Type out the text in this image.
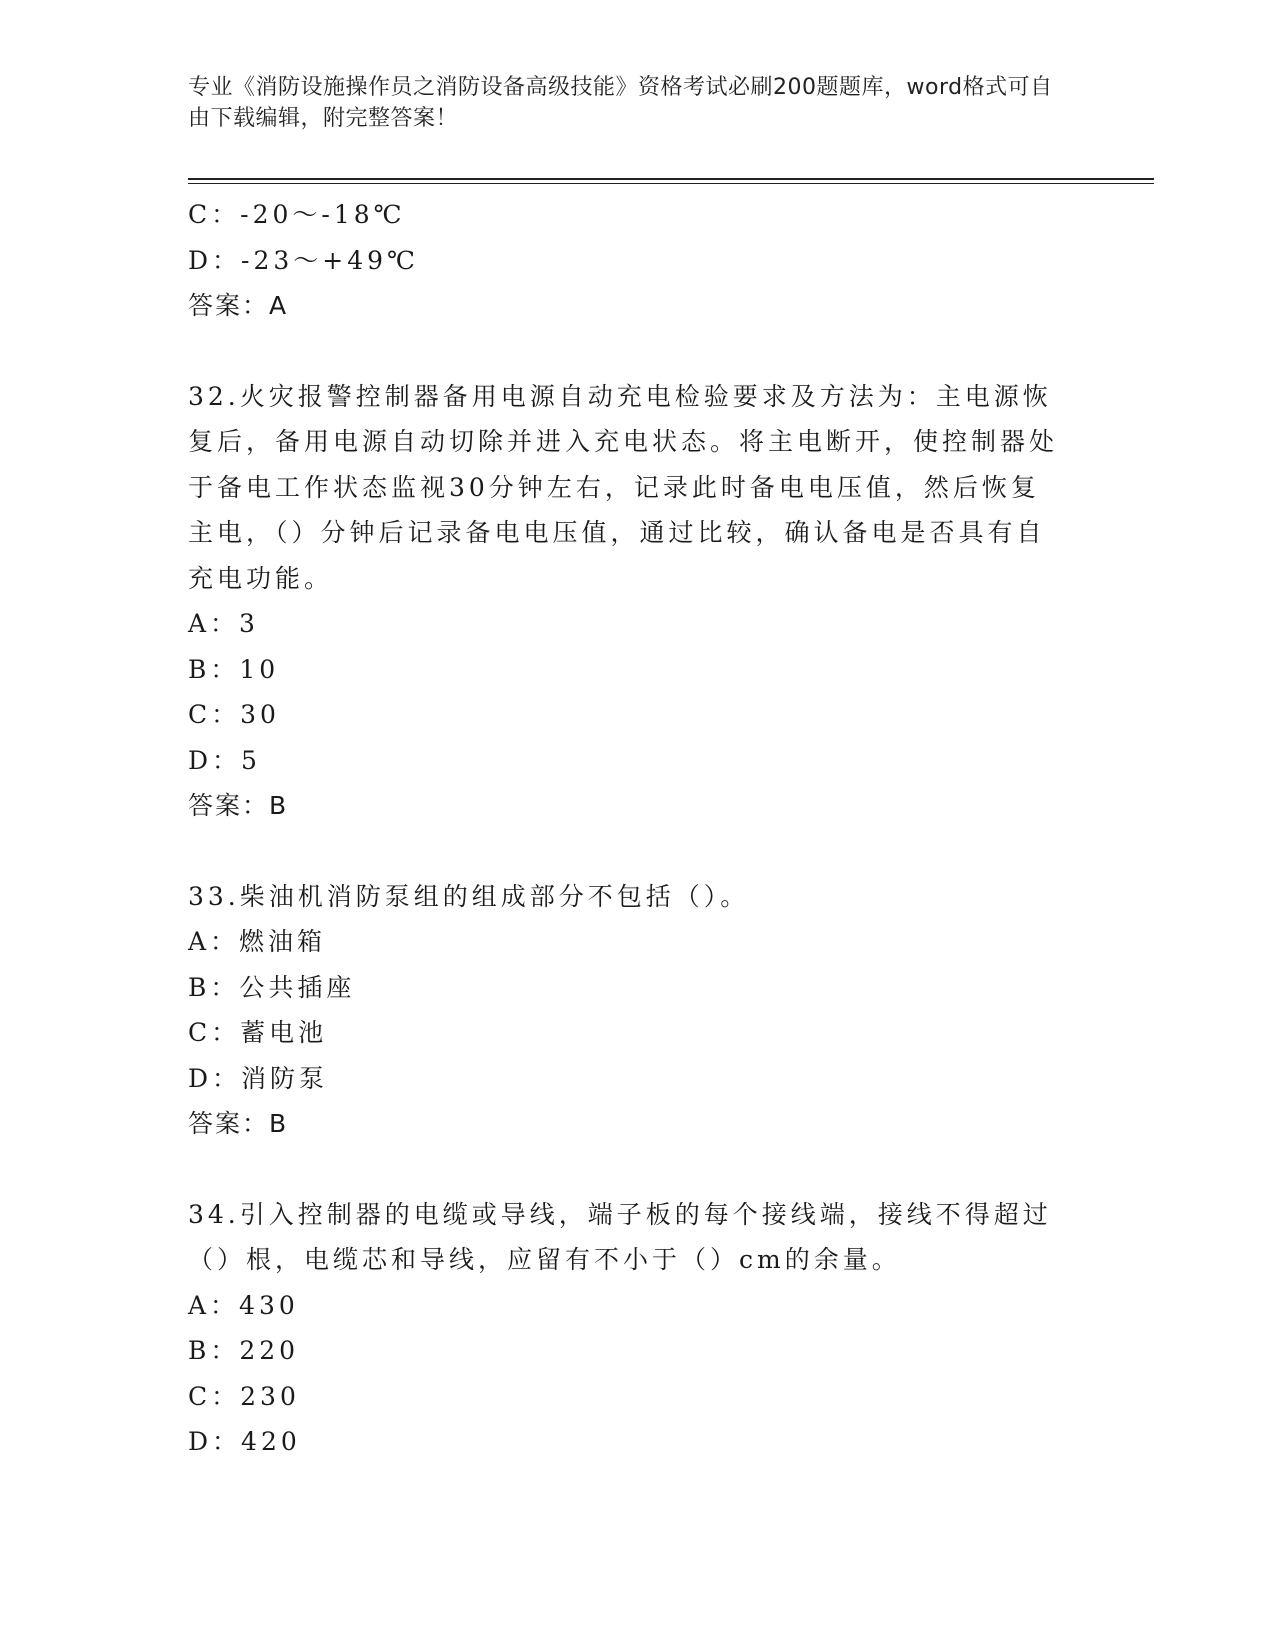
专业《消防设施操作员之消防设备高级技能》资格考试必刷200题题库，word格式可自由下载编辑，附完整答案！
C：-20～-18℃
D：-23～+49℃
答案：A
32.火灾报警控制器备用电源自动充电检验要求及方法为：主电源恢复后，备用电源自动切除并进入充电状态。将主电断开，使控制器处于备电工作状态监视30分钟左右，记录此时备电电压值，然后恢复主电，（）分钟后记录备电电压值，通过比较，确认备电是否具有自充电功能。
A：3
B：10
C：30
D：5
答案：B
33.柴油机消防泵组的组成部分不包括（）。
A：燃油箱
B：公共插座
C：蓄电池
D：消防泵
答案：B
34.引入控制器的电缆或导线，端子板的每个接线端，接线不得超过（）根，电缆芯和导线，应留有不小于（）cm的余量。
A：430
B：220
C：230
D：420
